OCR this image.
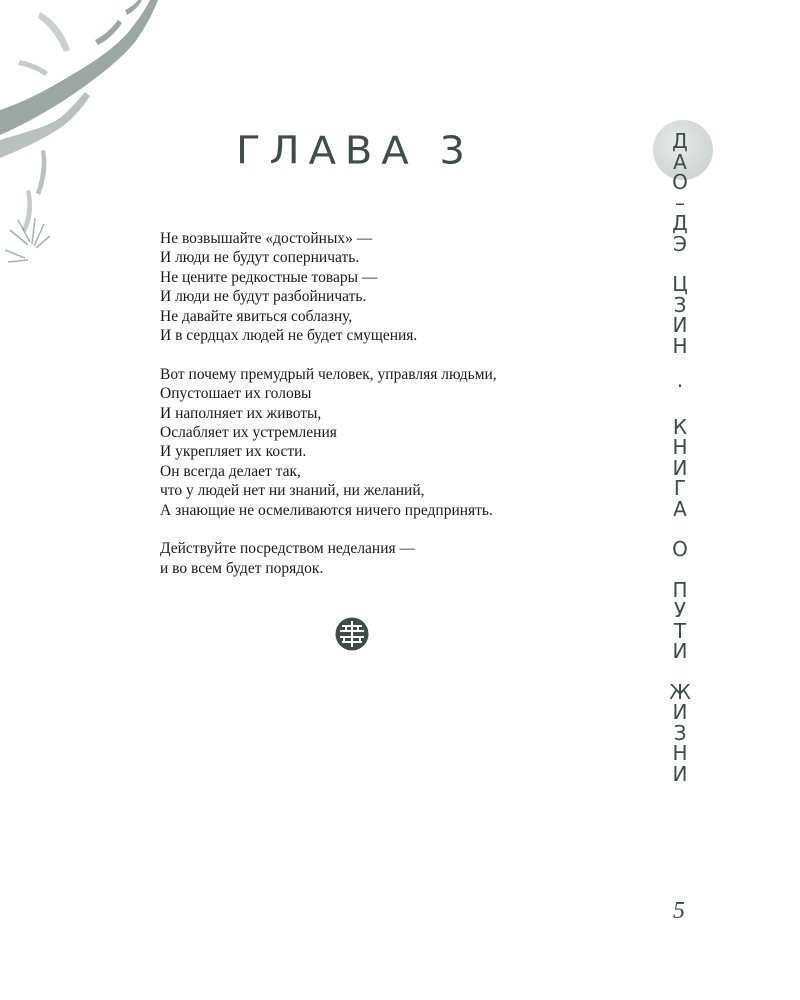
ГЛАВА 3
Не возвышайте «достойных» —
И люди не будут соперничать.
Не цените редкостные товары —
И люди не будут разбойничать.
Не давайте явиться соблазну,
И в сердцах людей не будет смущения.
Вот почему премудрый человек, управляя людьми,
Опустошает их головы
И наполняет их животы,
Ослабляет их устремления
И укрепляет их кости.
Он всегда делает так,
что у людей нет ни знаний, ни желаний,
А знающие не осмеливаются ничего предпринять.
Действуйте посредством неделания —
и во всем будет порядок.
Д
А
О
–
Д
Э
Ц
З
И
Н
·
К
Н
И
Г
А
О
П
У
Т
И
Ж
И
З
Н
И
5
